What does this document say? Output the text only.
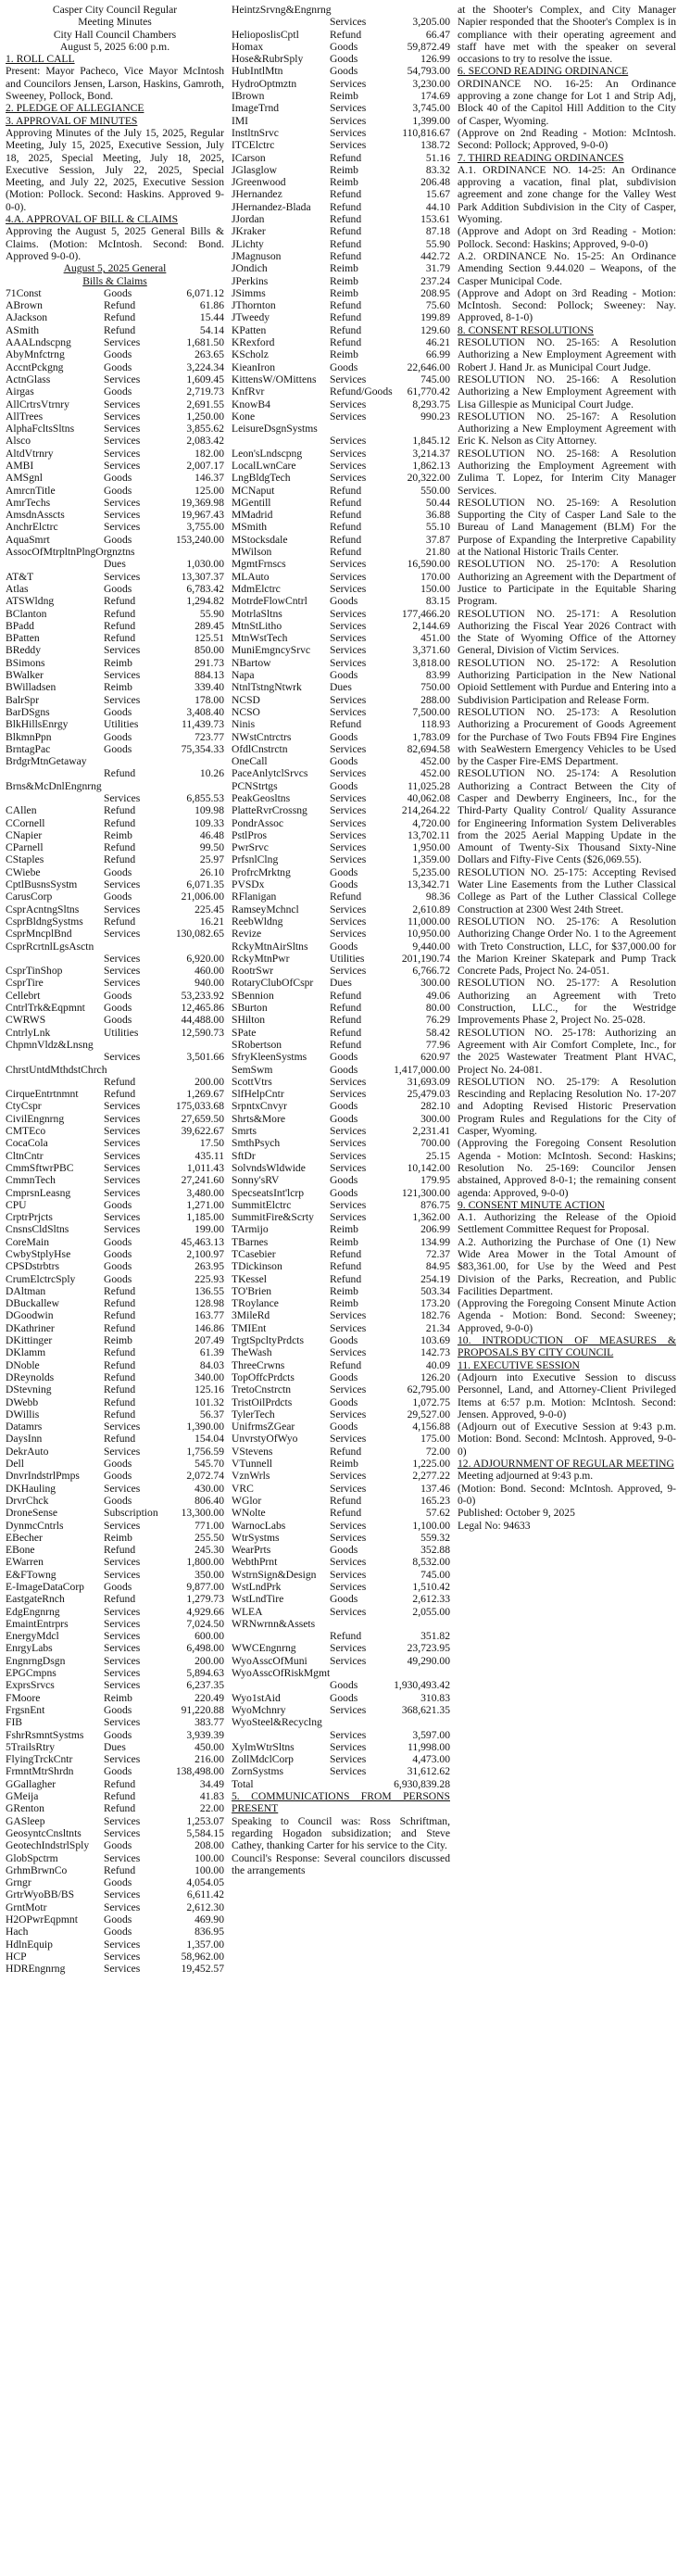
Casper City Council Regular
Meeting Minutes
City Hall Council Chambers
August 5, 2025 6:00 p.m.
1. ROLL CALL
Present: Mayor Pacheco, Vice Mayor McIntosh and Councilors Jensen, Larson, Haskins, Gamroth, Sweeney, Pollock, Bond.
2. PLEDGE OF ALLEGIANCE
3. APPROVAL OF MINUTES
Approving Minutes of the July 15, 2025, Regular Meeting, July 15, 2025, Executive Session, July 18, 2025, Special Meeting, July 18, 2025, Executive Session, July 22, 2025, Special Meeting, and July 22, 2025, Executive Session (Motion: Pollock. Second: Haskins. Approved 9-0-0).
4.A. APPROVAL OF BILL & CLAIMS
Approving the August 5, 2025 General Bills & Claims. (Motion: McIntosh. Second: Bond. Approved 9-0-0).
August 5, 2025 General
Bills & Claims
71Const	Goods	6,071.12
ABrown	Refund	61.86
AJackson	Refund	15.44
ASmith	Refund	54.14
AAALndscpng	Services	1,681.50
AbyMnfctrng	Goods	263.65
AccntPckgng	Goods	3,224.34
ActnGlass	Services	1,609.45
Airgas	Goods	2,719.73
AllCrtrsVtrnry	Services	2,691.55
AllTrees	Services	1,250.00
AlphaFcltsSltns	Services	3,855.62
Alsco	Services	2,083.42
AltdVtrnry	Services	182.00
AMBI	Services	2,007.17
AMSgnl	Goods	146.37
AmrcnTitle	Goods	125.00
AmrTechs	Services	19,369.98
AmsdnAsscts	Services	19,967.43
AnchrElctrc	Services	3,755.00
AquaSmrt	Goods	153,240.00
AssocOfMtrpltnPlngOrgnztns
Dues	1,030.00
AT&T	Services	13,307.37
Atlas	Goods	6,783.42
ATSWldng	Refund	1,294.82
BClanton	Refund	55.90
BPadd	Refund	289.45
BPatten	Refund	125.51
BReddy	Services	850.00
BSimons	Reimb	291.73
BWalker	Services	884.13
BWilladsen	Reimb	339.40
BalrSpr	Services	178.00
BarDSgns	Goods	3,408.40
BlkHillsEnrgy	Utilities	11,439.73
BlkmnPpn	Goods	723.77
BrntagPac	Goods	75,354.33
BrdgrMtnGetaway
Refund	10.26
Brns&McDnlEngnrng
Services	6,855.53
CAllen	Refund	109.98
CCornell	Refund	109.33
CNapier	Reimb	46.48
CParnell	Refund	99.50
CStaples	Refund	25.97
CWiebe	Goods	26.10
CptlBusnsSystm	Services	6,071.35
CarusCorp	Goods	21,006.00
CsprAcntngSltns	Services	225.45
CsprBldngSystms	Refund	16.21
CsprMncplBnd	Services	130,082.65
CsprRcrtnlLgsAsctn
Services	6,920.00
CsprTinShop	Services	460.00
CsprTire	Services	940.00
Cellebrt	Goods	53,233.92
CntrlTrk&Eqpmnt	Goods	12,465.86
CWRWS	Goods	44,488.00
CntrlyLnk	Utilities	12,590.73
ChpmnVldz&Lnsng
Services	3,501.66
ChrstUntdMthdstChrch
Refund	200.00
CirqueEntrtnmnt	Refund	1,269.67
CtyCspr	Services	175,033.68
CivilEngnrng	Services	27,659.50
CMTEco	Services	39,622.67
CocaCola	Services	17.50
CltnCntr	Services	435.11
CmmSftwrPBC	Services	1,011.43
CmmnTech	Services	27,241.60
CmprsnLeasng	Services	3,480.00
CPU	Goods	1,271.00
CrptrPrjcts	Services	1,185.00
CnsnsCldSltns	Services	199.00
CoreMain	Goods	45,463.13
CwbyStplyHse	Goods	2,100.97
CPSDstrbtrs	Goods	263.95
CrumElctrcSply	Goods	225.93
DAltman	Refund	136.55
DBuckallew	Refund	128.98
DGoodwin	Refund	163.77
DKathriner	Refund	146.86
DKittinger	Reimb	207.49
DKlamm	Refund	61.39
DNoble	Refund	84.03
DReynolds	Refund	340.00
DStevning	Refund	125.16
DWebb	Refund	101.32
DWillis	Refund	56.37
Datamrs	Services	1,390.00
DaysInn	Refund	154.04
DekrAuto	Services	1,756.59
Dell	Goods	545.70
DnvrIndstrlPmps	Goods	2,072.74
DKHauling	Services	430.00
DrvrChck	Goods	806.40
DroneSense	Subscription	13,300.00
DynmcCntrls	Services	771.00
EBecher	Reimb	255.50
EBone	Refund	245.30
EWarren	Services	1,800.00
E&FTowng	Services	350.00
E-ImageDataCorp	Goods	9,877.00
EastgateRnch	Refund	1,279.73
EdgEngnrng	Services	4,929.66
EmaintEntrprs	Services	7,024.50
EnergyMdcl	Services	600.00
EnrgyLabs	Services	6,498.00
EngnrngDsgn	Services	200.00
EPGCmpns	Services	5,894.63
ExprsSrvcs	Services	6,237.35
FMoore	Reimb	220.49
FrgsnEnt	Goods	91,220.88
FIB	Services	383.77
FshrRsmntSystms	Goods	3,939.39
5TrailsRtry	Dues	450.00
FlyingTrckCntr	Services	216.00
FrmntMtrShrdn	Goods	138,498.00
GGallagher	Refund	34.49
GMeija	Refund	41.83
GRenton	Refund	22.00
GASleep	Services	1,253.07
GeosyntcCnsltnts	Services	5,584.15
GeotechIndstrlSply	Goods	208.00
GlobSpctrm	Services	100.00
GrhmBrwnCo	Refund	100.00
Grngr	Goods	4,054.05
GrtrWyoBB/BS	Services	6,611.42
GrntMotr	Services	2,612.30
H2OPwrEqpmnt	Goods	469.90
Hach	Goods	836.95
HdlnEquip	Services	1,357.00
HCP	Services	58,962.00
HDREngnrng	Services	19,452.57
HeintzSrvng&Engnrng
Services	3,205.00
HelioposlisCptl	Refund	66.47
Homax	Goods	59,872.49
Hose&RubrSply	Goods	126.99
HubIntlMtn	Goods	54,793.00
HydroOptmztn	Services	3,230.00
IBrown	Reimb	174.69
ImageTrnd	Services	3,745.00
IMI	Services	1,399.00
InstltnSrvc	Services	110,816.67
ITCElctrc	Services	138.72
ICarson	Refund	51.16
JGlasglow	Reimb	83.32
JGreenwood	Reimb	206.48
JHernandez	Refund	15.67
JHernandez-Blada	Refund	44.10
JJordan	Refund	153.61
JKraker	Refund	87.18
JLichty	Refund	55.90
JMagnuson	Refund	442.72
JOndich	Reimb	31.79
JPerkins	Reimb	237.24
JSimms	Reimb	208.95
JThornton	Refund	75.60
JTweedy	Refund	199.89
KPatten	Refund	129.60
KRexford	Refund	46.21
KScholz	Reimb	66.99
KieanIron	Goods	22,646.00
KittensW/OMittens	Services	745.00
KnfRvr	Refund/Goods	61,770.42
KnowB4	Services	8,293.75
Kone	Services	990.23
LeisureDsgnSystms
Services	1,845.12
Leon'sLndscpng	Services	3,214.37
LocalLwnCare	Services	1,862.13
LngBldgTech	Services	20,322.00
MCNaput	Refund	550.00
MGentill	Refund	50.44
MMadrid	Refund	36.88
MSmith	Refund	55.10
MStocksdale	Refund	37.87
MWilson	Refund	21.80
MgmtFrnscs	Services	16,590.00
MLAuto	Services	170.00
MdmElctrc	Services	150.00
MotrdeFlowCntrl	Goods	83.15
MotrlaSltns	Services	177,466.20
MtnStLitho	Services	2,144.69
MtnWstTech	Services	451.00
MuniEmgncySrvc	Services	3,371.60
NBartow	Services	3,818.00
Napa	Goods	83.99
NtnlTstngNtwrk	Dues	750.00
NCSD	Services	288.00
NCSO	Services	7,500.00
Ninis	Refund	118.93
NWstCntrctrs	Goods	1,783.09
OfdlCnstrctn	Services	82,694.58
OneCall	Goods	452.00
PaceAnlytclSrvcs	Services	452.00
PCNStrtgs	Goods	11,025.28
PeakGeosltns	Services	40,062.08
PlatteRvrCrossng	Services	214,264.22
PondrAssoc	Services	4,720.00
PstlPros	Services	13,702.11
PwrSrvc	Services	1,950.00
PrfsnlClng	Services	1,359.00
ProfrcMrktng	Goods	5,235.00
PVSDx	Goods	13,342.71
RFlanigan	Refund	98.36
RamseyMchncl	Services	2,610.89
ReebWldng	Services	11,000.00
Revize	Services	10,950.00
RckyMtnAirSltns	Goods	9,440.00
RckyMtnPwr	Utilities	201,190.74
RootrSwr	Services	6,766.72
RotaryClubOfCspr	Dues	300.00
SBennion	Refund	49.06
SBurton	Refund	80.00
SHilton	Refund	76.29
SPate	Refund	58.42
SRobertson	Refund	77.96
SfryKleenSystms	Goods	620.97
SemSwm	Goods	1,417,000.00
ScottVtrs	Services	31,693.09
SlfHelpCntr	Services	25,479.03
SrpntxCnvyr	Goods	282.10
Shrts&More	Goods	300.00
Smrts	Services	2,231.41
SmthPsych	Services	700.00
SftDr	Services	25.15
SolvndsWldwide	Services	10,142.00
Sonny'sRV	Goods	179.95
SpecseatsInt'lcrp	Goods	121,300.00
SummitElctrc	Services	876.75
SummitFire&Scrty	Services	1,362.00
TArmijo	Reimb	206.99
TBarnes	Reimb	134.99
TCasebier	Refund	72.37
TDickinson	Refund	84.95
TKessel	Refund	254.19
TO'Brien	Reimb	503.34
TRoylance	Reimb	173.20
3MileRd	Services	182.76
TMIEnt	Services	21.34
TrgtSpcltyPrdcts	Goods	103.69
TheWash	Services	142.73
ThreeCrwns	Refund	40.09
TopOffcPrdcts	Goods	126.20
TretoCnstrctn	Services	62,795.00
TristOilPrdcts	Goods	1,072.75
TylerTech	Services	29,527.00
UnifrmsZGear	Goods	4,156.88
UnvrstyOfWyo	Services	175.00
VStevens	Refund	72.00
VTunnell	Reimb	1,225.00
VznWrls	Services	2,277.22
VRC	Services	137.46
WGlor	Refund	165.23
WNolte	Refund	57.62
WarnocLabs	Services	1,100.00
WtrSystms	Services	559.32
WearPrts	Goods	352.88
WebthPrnt	Services	8,532.00
WstrnSign&Design	Services	745.00
WstLndPrk	Services	1,510.42
WstLndTire	Goods	2,612.33
WLEA	Services	2,055.00
WRNwrnn&Assets
Refund	351.82
WWCEngnrng	Services	23,723.95
WyoAsscOfMuni	Services	49,290.00
WyoAsscOfRiskMgmt
Goods	1,930,493.42
Wyo1stAid	Goods	310.83
WyoMchnry	Services	368,621.35
WyoSteel&Recyclng
Services	3,597.00
XylmWtrSltns	Services	11,998.00
ZollMdclCorp	Services	4,473.00
ZornSystms	Services	31,612.62
Total	6,930,839.28
5. COMMUNICATIONS FROM PERSONS PRESENT
Speaking to Council was: Ross Schriftman, regarding Hogadon subsidization; and Steve Cathey, thanking Carter for his service to the City.
Council's Response: Several councilors discussed the arrangements
at the Shooter's Complex, and City Manager Napier responded that the Shooter's Complex is in compliance with their operating agreement and staff have met with the speaker on several occasions to try to resolve the issue.
6. SECOND READING ORDINANCE
ORDINANCE NO. 16-25: An Ordinance approving a zone change for Lot 1 and Strip Adj, Block 40 of the Capitol Hill Addition to the City of Casper, Wyoming.
(Approve on 2nd Reading - Motion: McIntosh. Second: Pollock; Approved, 9-0-0)
7. THIRD READING ORDINANCES
A.1. ORDINANCE NO. 14-25: An Ordinance approving a vacation, final plat, subdivision agreement and zone change for the Valley West Park Addition Subdivision in the City of Casper, Wyoming.
(Approve and Adopt on 3rd Reading - Motion: Pollock. Second: Haskins; Approved, 9-0-0)
A.2. ORDINANCE No. 15-25: An Ordinance Amending Section 9.44.020 – Weapons, of the Casper Municipal Code.
(Approve and Adopt on 3rd Reading - Motion: McIntosh. Second: Pollock; Sweeney: Nay. Approved, 8-1-0)
8. CONSENT RESOLUTIONS
RESOLUTION NO. 25-165: A Resolution Authorizing a New Employment Agreement with Robert J. Hand Jr. as Municipal Court Judge.
RESOLUTION NO. 25-166: A Resolution Authorizing a New Employment Agreement with Lisa Gillespie as Municipal Court Judge.
RESOLUTION NO. 25-167: A Resolution Authorizing a New Employment Agreement with Eric K. Nelson as City Attorney.
RESOLUTION NO. 25-168: A Resolution Authorizing the Employment Agreement with Zulima T. Lopez, for Interim City Manager Services.
RESOLUTION NO. 25-169: A Resolution Supporting the City of Casper Land Sale to the Bureau of Land Management (BLM) For the Purpose of Expanding the Interpretive Capability at the National Historic Trails Center.
RESOLUTION NO. 25-170: A Resolution Authorizing an Agreement with the Department of Justice to Participate in the Equitable Sharing Program.
RESOLUTION NO. 25-171: A Resolution Authorizing the Fiscal Year 2026 Contract with the State of Wyoming Office of the Attorney General, Division of Victim Services.
RESOLUTION NO. 25-172: A Resolution Authorizing Participation in the New National Opioid Settlement with Purdue and Entering into a Subdivision Participation and Release Form.
RESOLUTION NO. 25-173: A Resolution Authorizing a Procurement of Goods Agreement for the Purchase of Two Fouts FB94 Fire Engines with SeaWestern Emergency Vehicles to be Used by the Casper Fire-EMS Department.
RESOLUTION NO. 25-174: A Resolution Authorizing a Contract Between the City of Casper and Dewberry Engineers, Inc., for the Third-Party Quality Control/ Quality Assurance for Engineering Information System Deliverables from the 2025 Aerial Mapping Update in the Amount of Twenty-Six Thousand Sixty-Nine Dollars and Fifty-Five Cents ($26,069.55).
RESOLUTION NO. 25-175: Accepting Revised Water Line Easements from the Luther Classical College as Part of the Luther Classical College Construction at 2300 West 24th Street.
RESOLUTION NO. 25-176: A Resolution Authorizing Change Order No. 1 to the Agreement with Treto Construction, LLC, for $37,000.00 for the Marion Kreiner Skatepark and Pump Track Concrete Pads, Project No. 24-051.
RESOLUTION NO. 25-177: A Resolution Authorizing an Agreement with Treto Construction, LLC., for the Westridge Improvements Phase 2, Project No. 25-028.
RESOLUTION NO. 25-178: Authorizing an Agreement with Air Comfort Complete, Inc., for the 2025 Wastewater Treatment Plant HVAC, Project No. 24-081.
RESOLUTION NO. 25-179: A Resolution Rescinding and Replacing Resolution No. 17-207 and Adopting Revised Historic Preservation Program Rules and Regulations for the City of Casper, Wyoming.
(Approving the Foregoing Consent Resolution Agenda - Motion: McIntosh. Second: Haskins; Resolution No. 25-169: Councilor Jensen abstained, Approved 8-0-1; the remaining consent agenda: Approved, 9-0-0)
9. CONSENT MINUTE ACTION
A.1. Authorizing the Release of the Opioid Settlement Committee Request for Proposal.
A.2. Authorizing the Purchase of One (1) New Wide Area Mower in the Total Amount of $83,361.00, for Use by the Weed and Pest Division of the Parks, Recreation, and Public Facilities Department.
(Approving the Foregoing Consent Minute Action Agenda - Motion: Bond. Second: Sweeney; Approved, 9-0-0)
10. INTRODUCTION OF MEASURES & PROPOSALS BY CITY COUNCIL
11. EXECUTIVE SESSION
(Adjourn into Executive Session to discuss Personnel, Land, and Attorney-Client Privileged Items at 6:57 p.m. Motion: McIntosh. Second: Jensen. Approved, 9-0-0)
(Adjourn out of Executive Session at 9:43 p.m. Motion: Bond. Second: McIntosh. Approved, 9-0-0)
12. ADJOURNMENT OF REGULAR MEETING
Meeting adjourned at 9:43 p.m.
(Motion: Bond. Second: McIntosh. Approved, 9-0-0)
Published: October 9, 2025
Legal No: 94633
